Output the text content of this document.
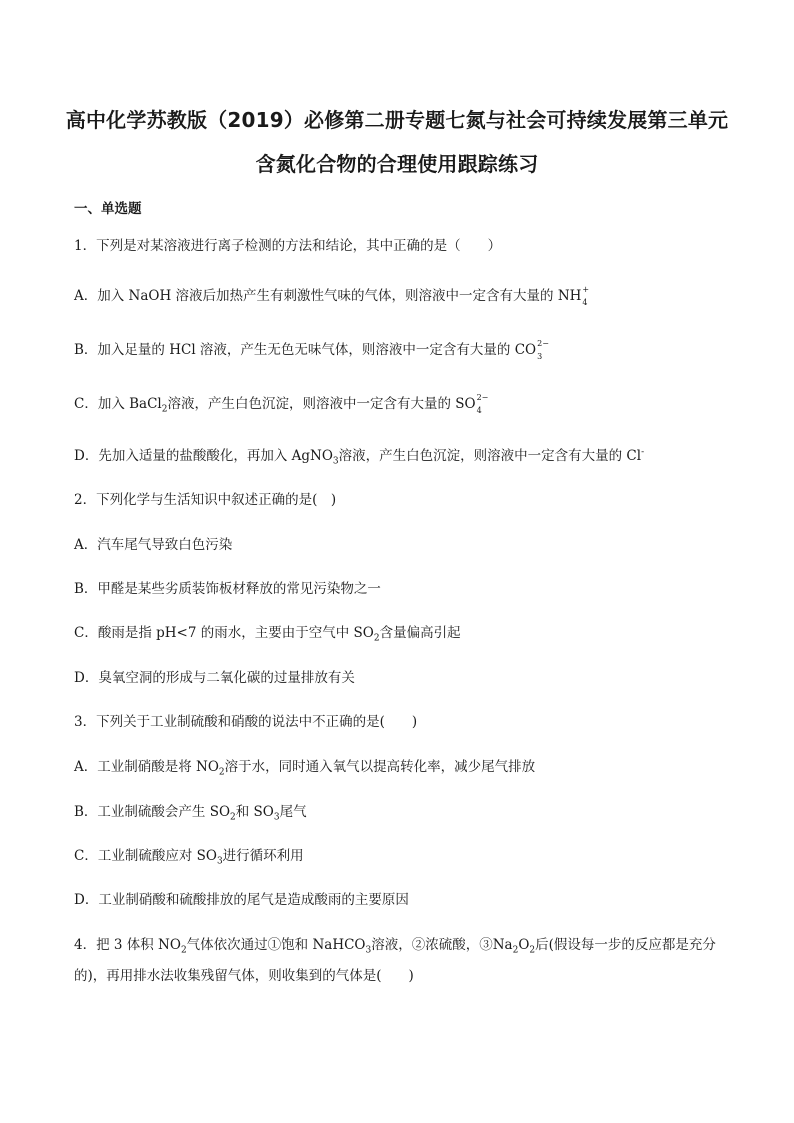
高中化学苏教版（2019）必修第二册专题七氮与社会可持续发展第三单元
含氮化合物的合理使用跟踪练习
一、单选题
1．下列是对某溶液进行离子检测的方法和结论，其中正确的是（　　）
A．加入 NaOH 溶液后加热产生有刺激性气味的气体，则溶液中一定含有大量的 NH +
4
B．加入足量的 HCl 溶液，产生无色无味气体，则溶液中一定含有大量的 CO 2−
3
C．加入 BaCl$_2$溶液，产生白色沉淀，则溶液中一定含有大量的 SO 2−
4
D．先加入适量的盐酸酸化，再加入 AgNO$_3$溶液，产生白色沉淀，则溶液中一定含有大量的 Cl-
2．下列化学与生活知识中叙述正确的是(　)
A．汽车尾气导致白色污染
B．甲醛是某些劣质装饰板材释放的常见污染物之一
C．酸雨是指 pH<7 的雨水，主要由于空气中 $SO_2$含量偏高引起
D．臭氧空洞的形成与二氧化碳的过量排放有关
3．下列关于工业制硫酸和硝酸的说法中不正确的是(　　)
A．工业制硝酸是将 $NO_2$溶于水，同时通入氧气以提高转化率，减少尾气排放
B．工业制硫酸会产生 $SO_2$和 $SO_3$尾气
C．工业制硫酸应对 $SO_3$进行循环利用
D．工业制硝酸和硫酸排放的尾气是造成酸雨的主要原因
4．把 3 体积 $NO_2$气体依次通过①饱和 NaHCO$_3$溶液，②浓硫酸，$③Na_2O_2$后(假设每一步的反应都是充分
的)，再用排水法收集残留气体，则收集到的气体是(　　)
